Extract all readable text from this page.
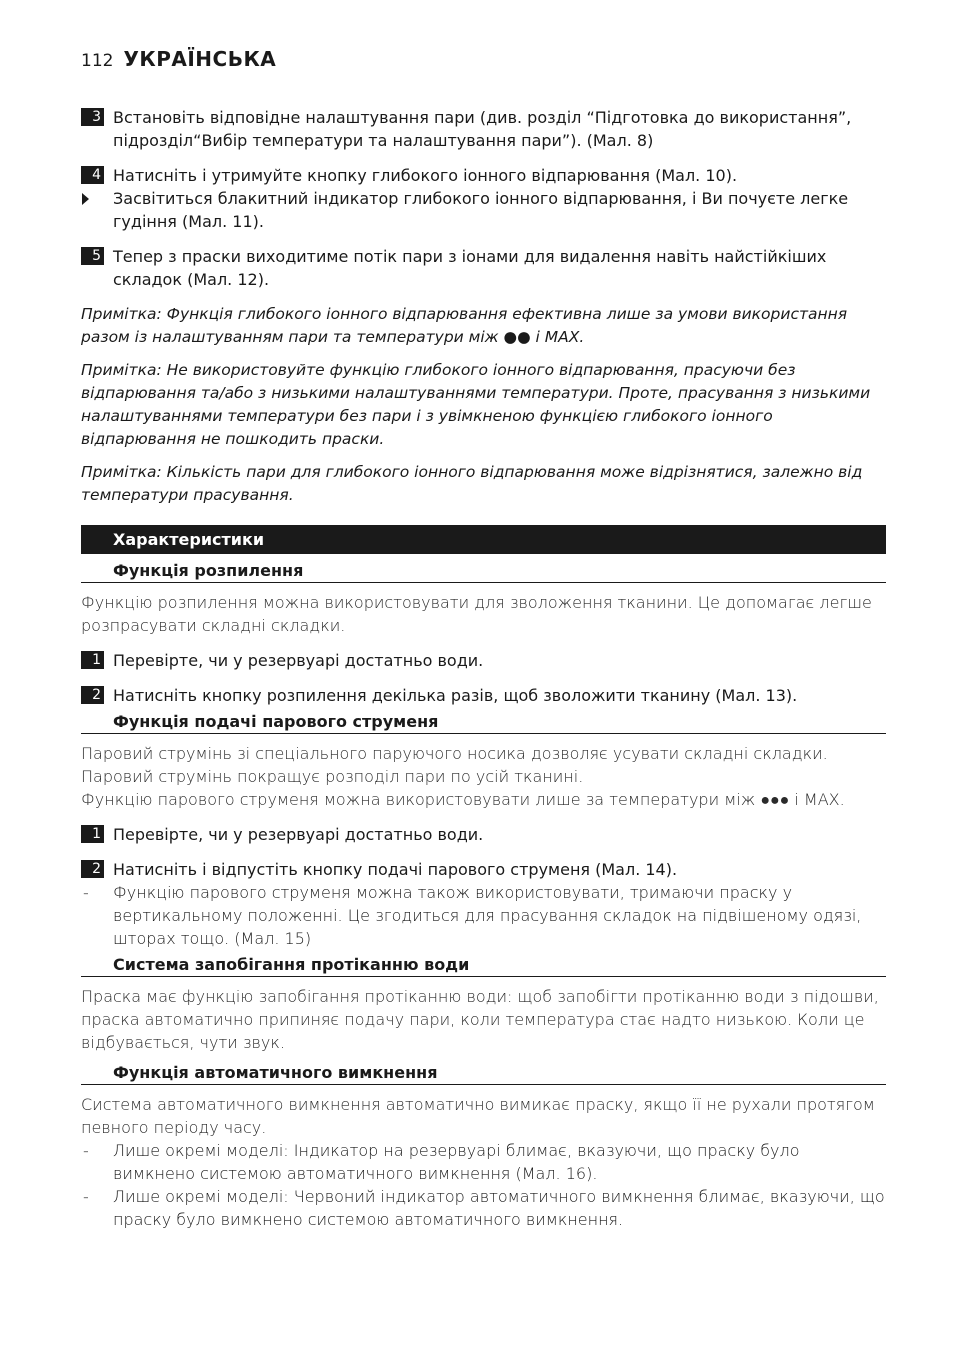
112 УКРАЇНСЬКА
3 Встановіть відповідне налаштування пари (див. розділ “Підготовка до використання”, підрозділ“Вибір температури та налаштування пари”). (Мал. 8)
4 Натисніть і утримуйте кнопку глибокого іонного відпарювання (Мал. 10).
Засвітиться блакитний індикатор глибокого іонного відпарювання, і Ви почуєте легке гудіння (Мал. 11).
5 Тепер з праски виходитиме потік пари з іонами для видалення навіть найстійкіших складок (Мал. 12).
Примітка: Функція глибокого іонного відпарювання ефективна лише за умови використання разом із налаштуванням пари та температури між ●● і MAX.
Примітка: Не використовуйте функцію глибокого іонного відпарювання, прасуючи без відпарювання та/або з низькими налаштуваннями температури. Проте, прасування з низькими налаштуваннями температури без пари і з увімкненою функцією глибокого іонного відпарювання не пошкодить праски.
Примітка: Кількість пари для глибокого іонного відпарювання може відрізнятися, залежно від температури прасування.
Характеристики
Функція розпилення
Функцію розпилення можна використовувати для зволоження тканини. Це допомагає легше розпрасувати складні складки.
1 Перевірте, чи у резервуарі достатньо води.
2 Натисніть кнопку розпилення декілька разів, щоб зволожити тканину (Мал. 13).
Функція подачі парового струменя
Паровий струмінь зі спеціального паруючого носика дозволяє усувати складні складки.
Паровий струмінь покращує розподіл пари по усій тканині.
Функцію парового струменя можна використовувати лише за температури між ●●● і MAX.
1 Перевірте, чи у резервуарі достатньо води.
2 Натисніть і відпустіть кнопку подачі парового струменя (Мал. 14).
- Функцію парового струменя можна також використовувати, тримаючи праску у вертикальному положенні. Це згодиться для прасування складок на підвішеному одязі, шторах тощо. (Мал. 15)
Система запобігання протіканню води
Праска має функцію запобігання протіканню води: щоб запобігти протіканню води з підошви, праска автоматично припиняє подачу пари, коли температура стає надто низькою. Коли це відбувається, чути звук.
Функція автоматичного вимкнення
Система автоматичного вимкнення автоматично вимикає праску, якщо її не рухали протягом певного періоду часу.
- Лише окремі моделі: Індикатор на резервуарі блимає, вказуючи, що праску було вимкнено системою автоматичного вимкнення (Мал. 16).
- Лише окремі моделі: Червоний індикатор автоматичного вимкнення блимає, вказуючи, що праску було вимкнено системою автоматичного вимкнення.
